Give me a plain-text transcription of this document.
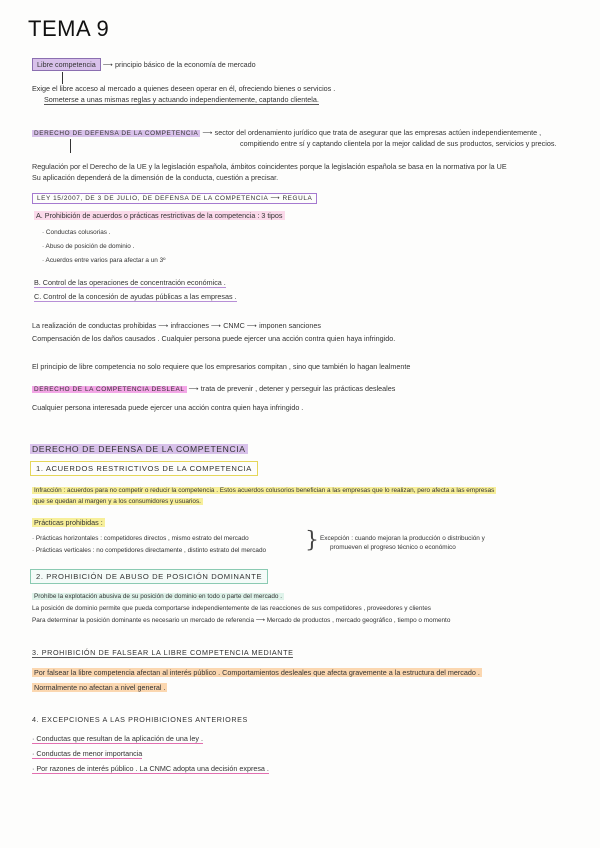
TEMA 9
Libre competencia ⟶ principio básico de la economía de mercado
Exige el libre acceso al mercado a quienes deseen operar en él, ofreciendo bienes o servicios .
Someterse a unas mismas reglas y actuando independientemente, captando clientela.
DERECHO DE DEFENSA DE LA COMPETENCIA ⟶ sector del ordenamiento jurídico que trata de asegurar que las empresas actúen independientemente ,
compitiendo entre sí y captando clientela por la mejor calidad de sus productos, servicios y precios.
Regulación por el Derecho de la UE y la legislación española, ámbitos coincidentes porque la legislación española se basa en la normativa por la UE
Su aplicación dependerá de la dimensión de la conducta, cuestión a precisar.
LEY 15/2007, DE 3 DE JULIO, DE DEFENSA DE LA COMPETENCIA ⟶ REGULA
A. Prohibición de acuerdos o prácticas restrictivas de la competencia : 3 tipos
· Conductas colusorias .
· Abuso de posición de dominio .
· Acuerdos entre varios para afectar a un 3º
B. Control de las operaciones de concentración económica .
C. Control de la concesión de ayudas públicas a las empresas .
La realización de conductas prohibidas ⟶ infracciones ⟶ CNMC ⟶ imponen sanciones
Compensación de los daños causados . Cualquier persona puede ejercer una acción contra quien haya infringido.
El principio de libre competencia no solo requiere que los empresarios compitan , sino que también lo hagan lealmente
DERECHO DE LA COMPETENCIA DESLEAL ⟶ trata de prevenir , detener y perseguir las prácticas desleales
Cualquier persona interesada puede ejercer una acción contra quien haya infringido .
DERECHO DE DEFENSA DE LA COMPETENCIA
1. ACUERDOS RESTRICTIVOS DE LA COMPETENCIA
Infracción : acuerdos para no competir o reducir la competencia . Estos acuerdos colusorios benefician a las empresas que lo realizan, pero afecta a las empresas
que se quedan al margen y a los consumidores y usuarios.
Prácticas prohibidas :
· Prácticas horizontales : competidores directos , mismo estrato del mercado
· Prácticas verticales : no competidores directamente , distinto estrato del mercado } Excepción : cuando mejoran la producción o distribución y
promueven el progreso técnico o económico
2. PROHIBICIÓN DE ABUSO DE POSICIÓN DOMINANTE
Prohíbe la explotación abusiva de su posición de dominio en todo o parte del mercado .
La posición de dominio permite que pueda comportarse independientemente de las reacciones de sus competidores , proveedores y clientes
Para determinar la posición dominante es necesario un mercado de referencia ⟶ Mercado de productos , mercado geográfico , tiempo o momento
3. PROHIBICIÓN DE FALSEAR LA LIBRE COMPETENCIA MEDIANTE
Por falsear la libre competencia afectan al interés público . Comportamientos desleales que afecta gravemente a la estructura del mercado .
Normalmente no afectan a nivel general .
4. EXCEPCIONES A LAS PROHIBICIONES ANTERIORES
· Conductas que resultan de la aplicación de una ley .
· Conductas de menor importancia
· Por razones de interés público . La CNMC adopta una decisión expresa .
